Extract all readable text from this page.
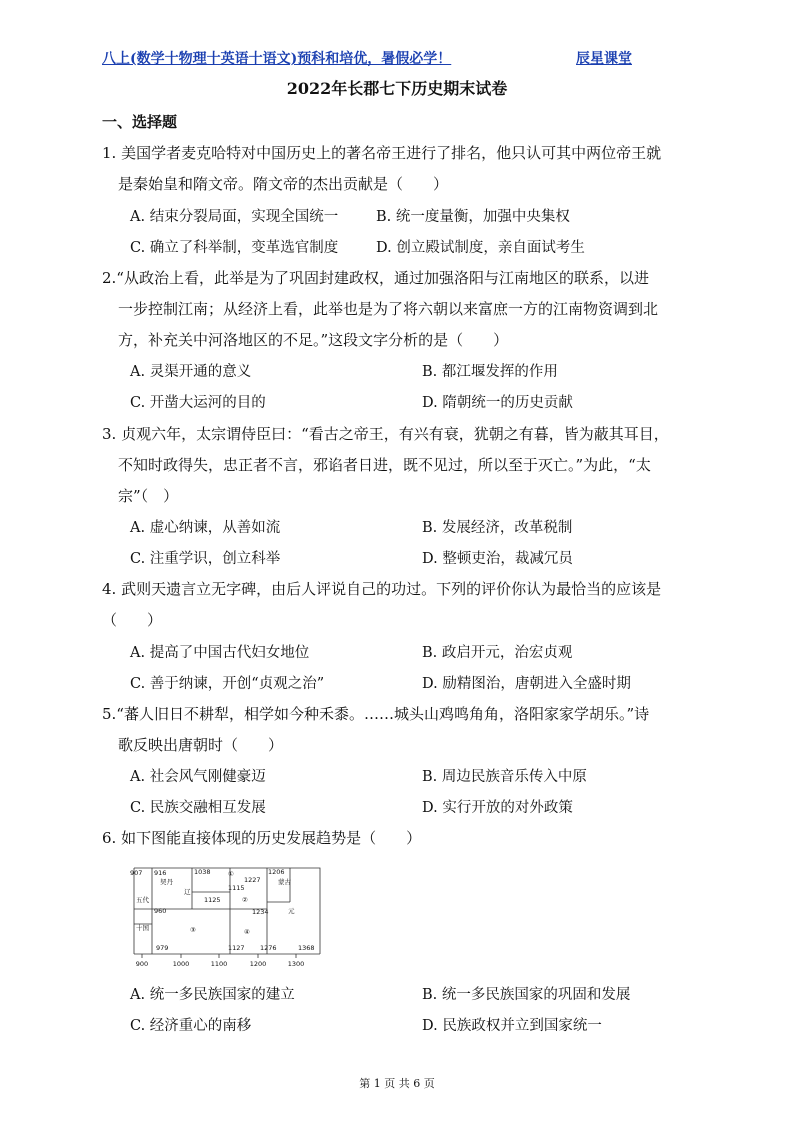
八上(数学十物理十英语十语文)预科和培优，暑假必学！	辰星课堂
2022年长郡七下历史期末试卷
一、选择题
1. 美国学者麦克哈特对中国历史上的著名帝王进行了排名，他只认可其中两位帝王就
是秦始皇和隋文帝。隋文帝的杰出贡献是（　　）
A. 结束分裂局面，实现全国统一	B. 统一度量衡，加强中央集权
C. 确立了科举制，变革选官制度	D. 创立殿试制度，亲自面试考生
2.“从政治上看，此举是为了巩固封建政权，通过加强洛阳与江南地区的联系，以进
一步控制江南；从经济上看，此举也是为了将六朝以来富庶一方的江南物资调到北
方，补充关中河洛地区的不足。”这段文字分析的是（　　）
A. 灵渠开通的意义	B. 都江堰发挥的作用
C. 开凿大运河的目的	D. 隋朝统一的历史贡献
3. 贞观六年，太宗谓侍臣曰：“看古之帝王，有兴有衰，犹朝之有暮，皆为蔽其耳目，
不知时政得失，忠正者不言，邪谄者日进，既不见过，所以至于灭亡。”为此，“太
宗”（　）
A. 虚心纳谏，从善如流	B. 发展经济，改革税制
C. 注重学识，创立科举	D. 整顿吏治，裁减冗员
4. 武则天遗言立无字碑，由后人评说自己的功过。下列的评价你认为最恰当的应该是
（　　）
A. 提高了中国古代妇女地位	B. 政启开元，治宏贞观
C. 善于纳谏，开创“贞观之治”	D. 励精图治，唐朝进入全盛时期
5.“蕃人旧日不耕犁，相学如今种禾黍。……城头山鸡鸣角角，洛阳家家学胡乐。”诗
歌反映出唐朝时（　　）
A. 社会风气刚健豪迈	B. 周边民族音乐传入中原
C. 民族交融相互发展	D. 实行开放的对外政策
6. 如下图能直接体现的历史发展趋势是（　　）
907 916
契丹
1038	①
1227
1206
蒙古
1115
辽
1125	②
1234	元
五代
960
十国
979
③	④
1127 1276	1368
900	1000	1100	1200	1300
A. 统一多民族国家的建立	B. 统一多民族国家的巩固和发展
C. 经济重心的南移	D. 民族政权并立到国家统一
第 1 页 共 6 页
